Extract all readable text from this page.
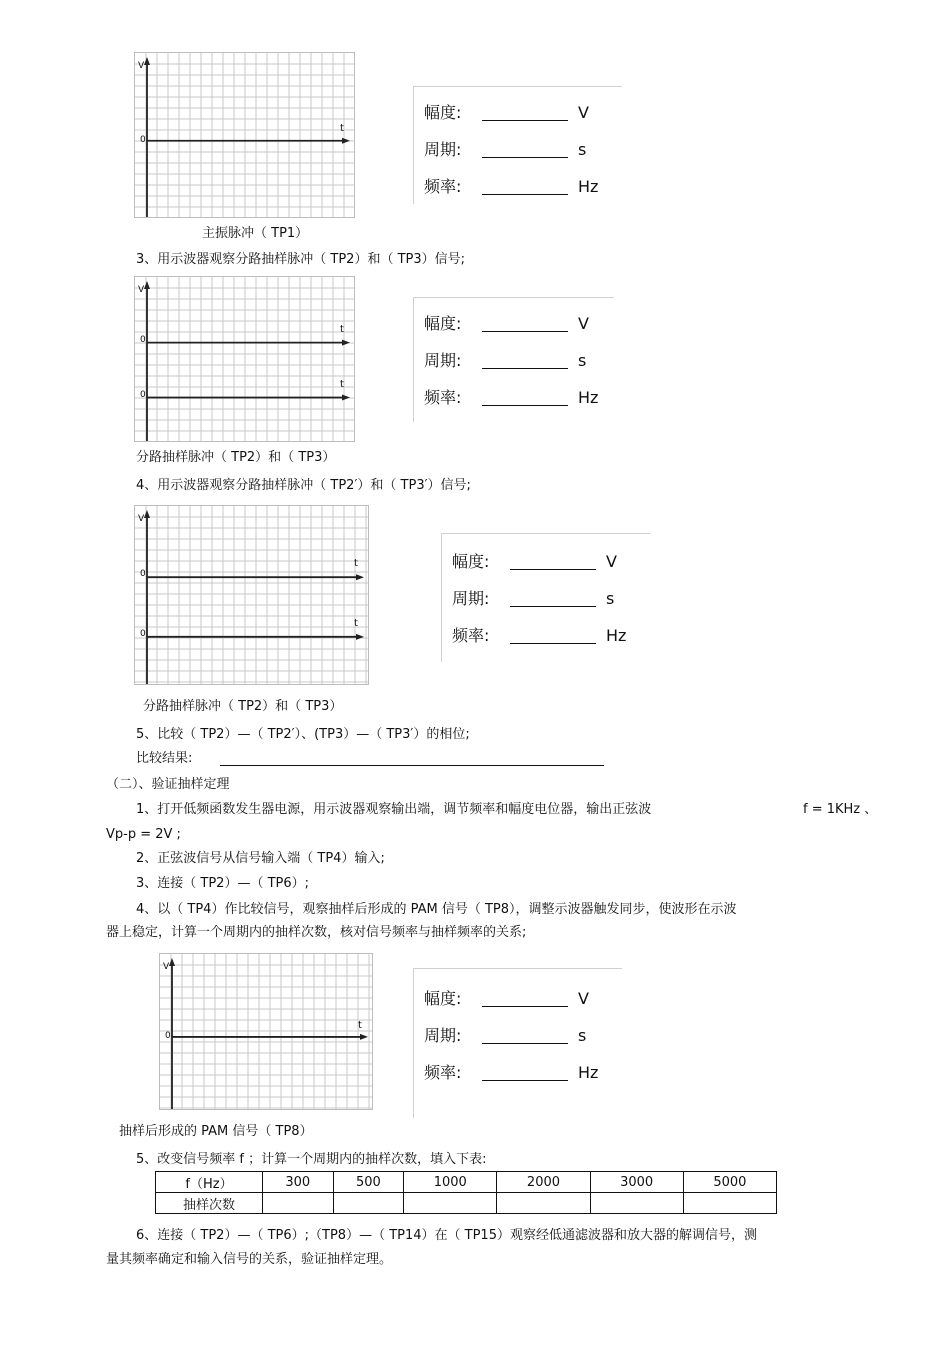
V
0
t
幅度:	V
周期:	s
频率:	Hz
主振脉冲（ TP1）
3、用示波器观察分路抽样脉冲（ TP2）和（ TP3）信号;
V
0
t
0
t
幅度:	V
周期:	s
频率:	Hz
分路抽样脉冲（ TP2）和（ TP3）
4、用示波器观察分路抽样脉冲（ TP2′）和（ TP3′）信号;
V
0
t
0
t
幅度:	V
周期:	s
频率:	Hz
分路抽样脉冲（ TP2）和（ TP3）
5、比较（ TP2）—（ TP2′）、(TP3）—（ TP3′）的相位;
比较结果:
（二）、验证抽样定理
1、打开低频函数发生器电源，用示波器观察输出端，调节频率和幅度电位器，输出正弦波	f = 1KHz 、
Vp-p = 2V ;
2、正弦波信号从信号输入端（ TP4）输入;
3、连接（ TP2）—（ TP6）;
4、以（ TP4）作比较信号，观察抽样后形成的 PAM 信号（ TP8），调整示波器触发同步，使波形在示波
器上稳定，计算一个周期内的抽样次数，核对信号频率与抽样频率的关系;
V
0
t
幅度:	V
周期:	s
频率:	Hz
抽样后形成的 PAM 信号（ TP8）
5、改变信号频率 f ；计算一个周期内的抽样次数，填入下表:
f（Hz）	300	500	1000	2000	3000	5000
抽样次数						
6、连接（ TP2）—（ TP6）;（TP8）—（ TP14）在（ TP15）观察经低通滤波器和放大器的解调信号，测
量其频率确定和输入信号的关系，验证抽样定理。
